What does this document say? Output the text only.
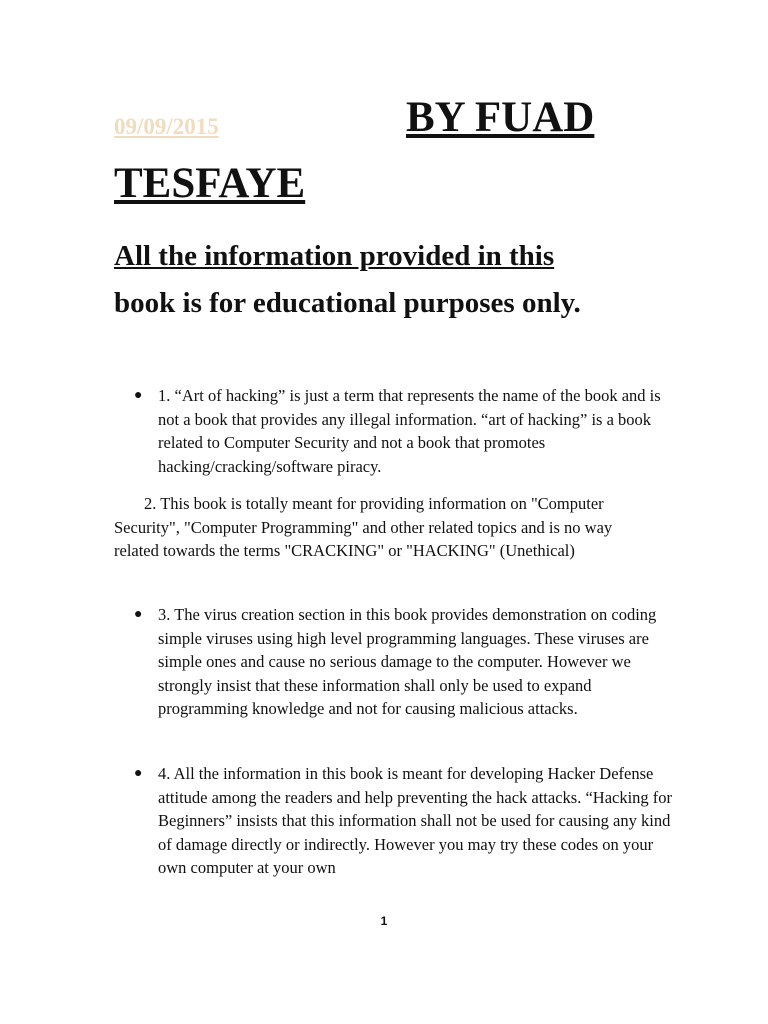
09/09/2015	BY FUAD

TESFAYE

All the information provided in this
book is for educational purposes only.

● 1. “Art of hacking” is just a term that represents the name of the book and is not a book that provides any illegal information. “art of hacking” is a book related to Computer Security and not a book that promotes hacking/cracking/software piracy.

2. This book is totally meant for providing information on "Computer Security", "Computer Programming" and other related topics and is no way related towards the terms "CRACKING" or "HACKING" (Unethical)

● 3. The virus creation section in this book provides demonstration on coding simple viruses using high level programming languages. These viruses are simple ones and cause no serious damage to the computer. However we strongly insist that these information shall only be used to expand programming knowledge and not for causing malicious attacks.
● 4. All the information in this book is meant for developing Hacker Defense attitude among the readers and help preventing the hack attacks. “Hacking for Beginners” insists that this information shall not be used for causing any kind of damage directly or indirectly. However you may try these codes on your own computer at your own

1
